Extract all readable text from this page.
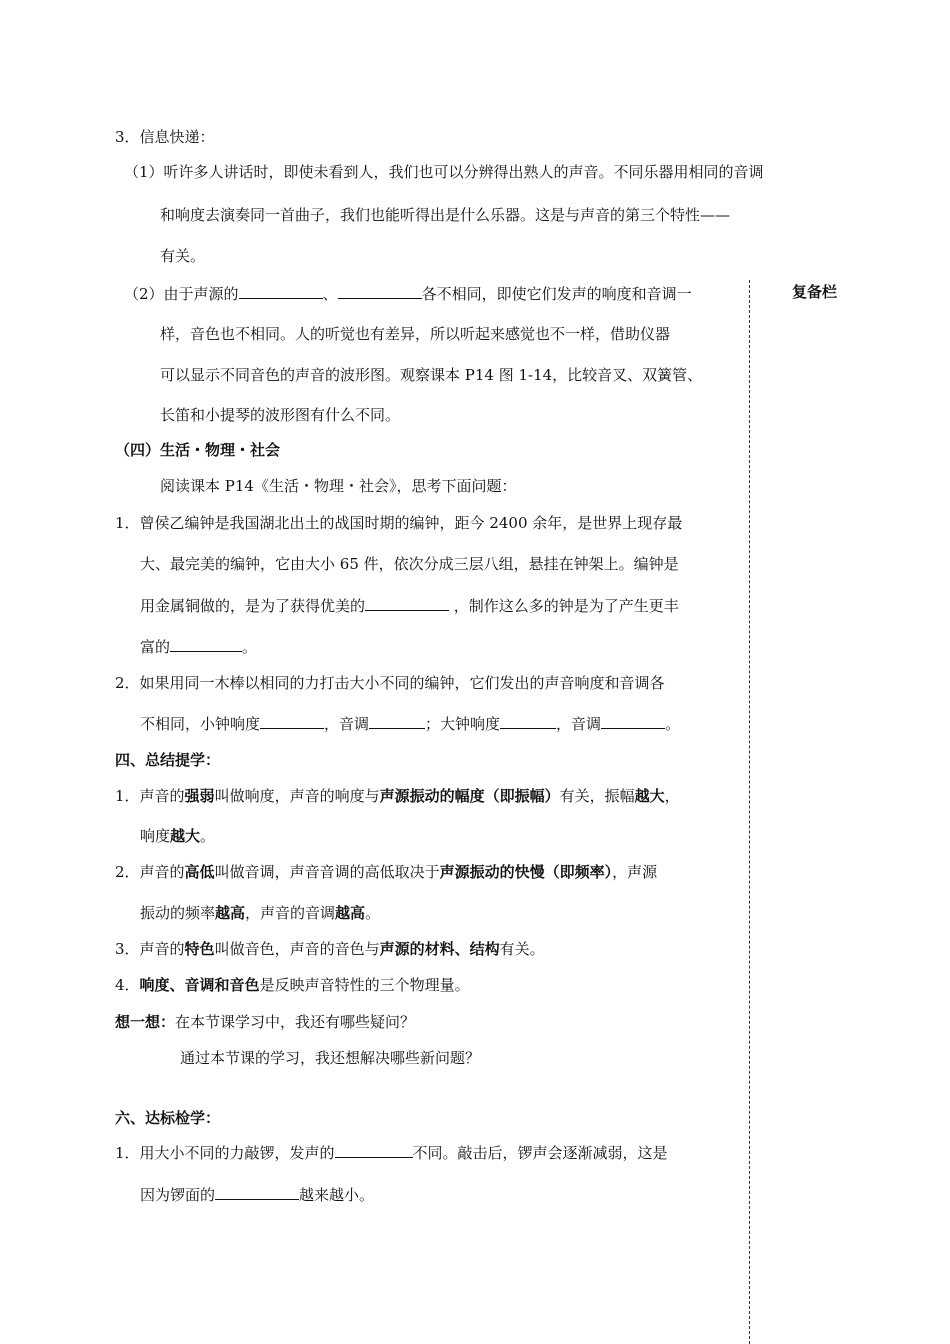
复备栏
3．信息快递：
（1）听许多人讲话时，即使未看到人，我们也可以分辨得出熟人的声音。不同乐器用相同的音调
和响度去演奏同一首曲子，我们也能听得出是什么乐器。这是与声音的第三个特性——
有关。
（2）由于声源的	、	各不相同，即使它们发声的响度和音调一
样，音色也不相同。人的听觉也有差异，所以听起来感觉也不一样，借助仪器
可以显示不同音色的声音的波形图。观察课本 P14 图 1-14，比较音叉、双簧管、
长笛和小提琴的波形图有什么不同。
（四）生活・物理・社会
阅读课本 P14《生活・物理・社会》，思考下面问题：
1．曾侯乙编钟是我国湖北出土的战国时期的编钟，距今 2400 余年，是世界上现存最
大、最完美的编钟，它由大小 65 件，依次分成三层八组，悬挂在钟架上。编钟是
用金属铜做的，是为了获得优美的	，制作这么多的钟是为了产生更丰
富的	。
2．如果用同一木棒以相同的力打击大小不同的编钟，它们发出的声音响度和音调各
不相同，小钟响度	，音调	；大钟响度	，音调	。
四、总结提学：
1．声音的强弱叫做响度，声音的响度与声源振动的幅度（即振幅）有关，振幅越大，
响度越大。
2．声音的高低叫做音调，声音音调的高低取决于声源振动的快慢（即频率），声源
振动的频率越高，声音的音调越高。
3．声音的特色叫做音色，声音的音色与声源的材料、结构有关。
4．响度、音调和音色是反映声音特性的三个物理量。
想一想：在本节课学习中，我还有哪些疑问？
通过本节课的学习，我还想解决哪些新问题？
六、达标检学：
1．用大小不同的力敲锣，发声的	不同。敲击后，锣声会逐渐减弱，这是
因为锣面的	越来越小。
